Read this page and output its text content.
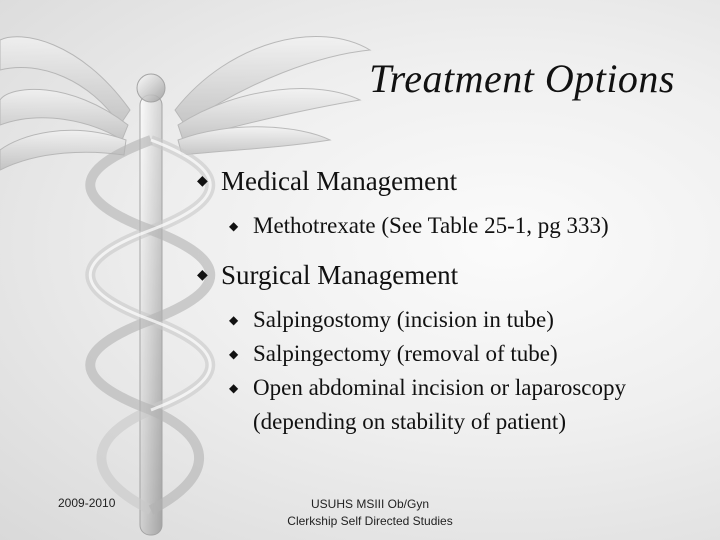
Treatment Options
◆ Medical Management
◆ Methotrexate (See Table 25-1, pg 333)
◆ Surgical Management
◆ Salpingostomy (incision in tube)
◆ Salpingectomy (removal of tube)
◆ Open abdominal incision or laparoscopy (depending on stability of patient)
2009-2010	USUHS MSIII Ob/Gyn
Clerkship Self Directed Studies
